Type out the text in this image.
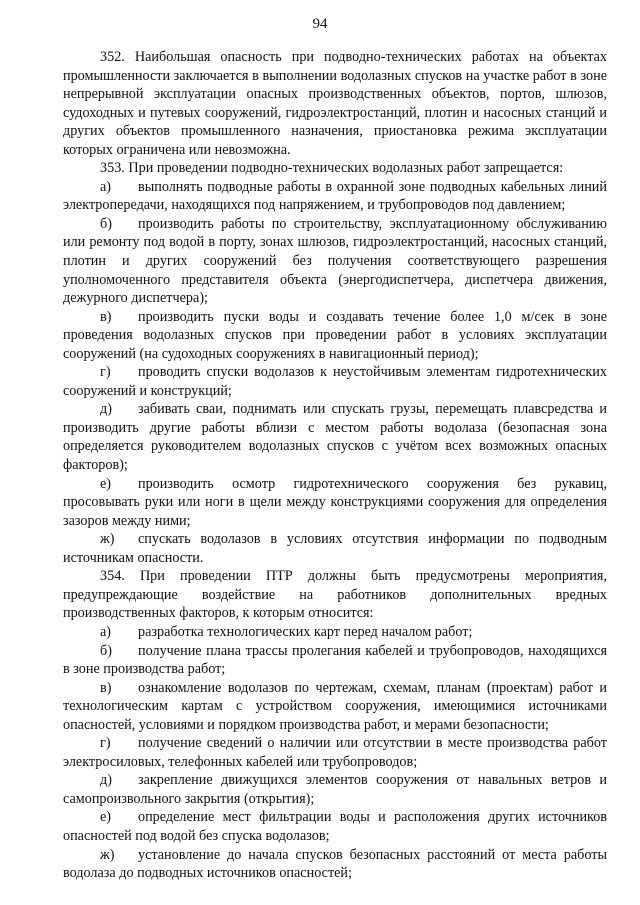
94

352. Наибольшая опасность при подводно-технических работах на объектах промышленности заключается в выполнении водолазных спусков на участке работ в зоне непрерывной эксплуатации опасных производственных объектов, портов, шлюзов, судоходных и путевых сооружений, гидроэлектростанций, плотин и насосных станций и других объектов промышленного назначения, приостановка режима эксплуатации которых ограничена или невозможна.

353. При проведении подводно-технических водолазных работ запрещается:

а) выполнять подводные работы в охранной зоне подводных кабельных линий электропередачи, находящихся под напряжением, и трубопроводов под давлением;

б) производить работы по строительству, эксплуатационному обслуживанию или ремонту под водой в порту, зонах шлюзов, гидроэлектростанций, насосных станций, плотин и других сооружений без получения соответствующего разрешения уполномоченного представителя объекта (энергодиспетчера, диспетчера движения, дежурного диспетчера);

в) производить пуски воды и создавать течение более 1,0 м/сек в зоне проведения водолазных спусков при проведении работ в условиях эксплуатации сооружений (на судоходных сооружениях в навигационный период);

г) проводить спуски водолазов к неустойчивым элементам гидротехнических сооружений и конструкций;

д) забивать сваи, поднимать или спускать грузы, перемещать плавсредства и производить другие работы вблизи с местом работы водолаза (безопасная зона определяется руководителем водолазных спусков с учётом всех возможных опасных факторов);

е) производить осмотр гидротехнического сооружения без рукавиц, просовывать руки или ноги в щели между конструкциями сооружения для определения зазоров между ними;

ж) спускать водолазов в условиях отсутствия информации по подводным источникам опасности.

354. При проведении ПТР должны быть предусмотрены мероприятия, предупреждающие воздействие на работников дополнительных вредных производственных факторов, к которым относится:

а) разработка технологических карт перед началом работ;

б) получение плана трассы пролегания кабелей и трубопроводов, находящихся в зоне производства работ;

в) ознакомление водолазов по чертежам, схемам, планам (проектам) работ и технологическим картам с устройством сооружения, имеющимися источниками опасностей, условиями и порядком производства работ, и мерами безопасности;

г) получение сведений о наличии или отсутствии в месте производства работ электросиловых, телефонных кабелей или трубопроводов;

д) закрепление движущихся элементов сооружения от навальных ветров и самопроизвольного закрытия (открытия);

е) определение мест фильтрации воды и расположения других источников опасностей под водой без спуска водолазов;

ж) установление до начала спусков безопасных расстояний от места работы водолаза до подводных источников опасностей;
